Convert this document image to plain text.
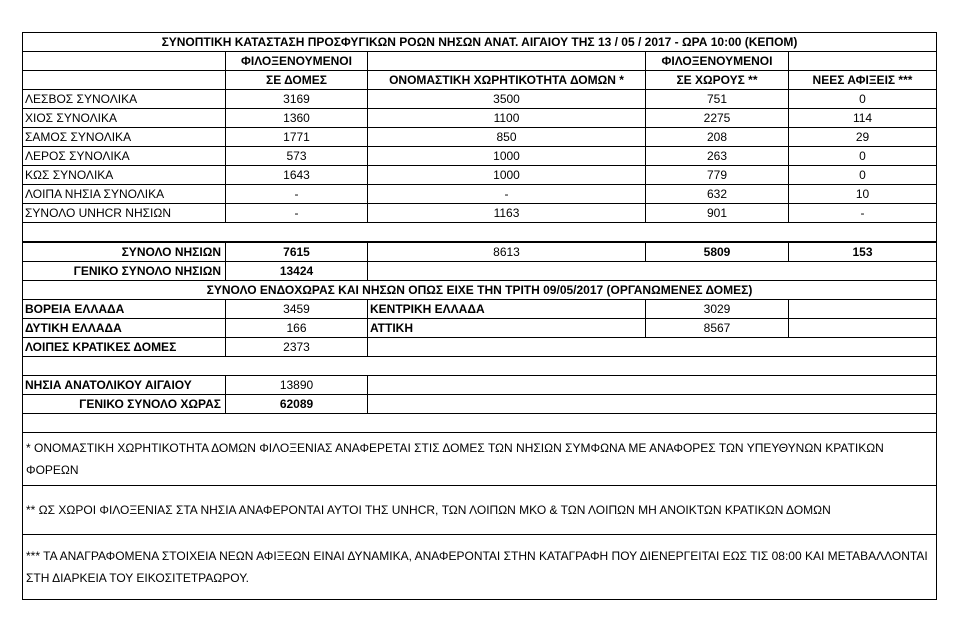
ΣΥΝΟΠΤΙΚΗ ΚΑΤΑΣΤΑΣΗ ΠΡΟΣΦΥΓΙΚΩΝ ΡΟΩΝ ΝΗΣΩΝ ΑΝΑΤ. ΑΙΓΑΙΟΥ ΤΗΣ 13 / 05 / 2017 - ΩΡΑ 10:00 (ΚΕΠΟΜ)				
	ΦΙΛΟΞΕΝΟΥΜΕΝΟΙ		ΦΙΛΟΞΕΝΟΥΜΕΝΟΙ	
	ΣΕ ΔΟΜΕΣ	ΟΝΟΜΑΣΤΙΚΗ ΧΩΡΗΤΙΚΟΤΗΤΑ ΔΟΜΩΝ *	ΣΕ ΧΩΡΟΥΣ **	ΝΕΕΣ ΑΦΙΞΕΙΣ ***
ΛΕΣΒΟΣ ΣΥΝΟΛΙΚΑ	3169	3500	751	0
ΧΙΟΣ ΣΥΝΟΛΙΚΑ	1360	1100	2275	114
ΣΑΜΟΣ ΣΥΝΟΛΙΚΑ	1771	850	208	29
ΛΕΡΟΣ ΣΥΝΟΛΙΚΑ	573	1000	263	0
ΚΩΣ ΣΥΝΟΛΙΚΑ	1643	1000	779	0
ΛΟΙΠΑ ΝΗΣΙΑ ΣΥΝΟΛΙΚΑ	-	-	632	10
ΣΥΝΟΛΟ UNHCR ΝΗΣΙΩΝ	-	1163	901	-

ΣΥΝΟΛΟ ΝΗΣΙΩΝ	7615	8613	5809	153
ΓΕΝΙΚΟ ΣΥΝΟΛΟ ΝΗΣΙΩΝ	13424			
ΣΥΝΟΛΟ ΕΝΔΟΧΩΡΑΣ ΚΑΙ ΝΗΣΩΝ ΟΠΩΣ ΕΙΧΕ ΤΗΝ ΤΡΙΤΗ 09/05/2017 (ΟΡΓΑΝΩΜΕΝΕΣ ΔΟΜΕΣ)				
ΒΟΡΕΙΑ ΕΛΛΑΔΑ	3459	ΚΕΝΤΡΙΚΗ ΕΛΛΑΔΑ	3029	
ΔΥΤΙΚΗ ΕΛΛΑΔΑ	166	ΑΤΤΙΚΗ	8567	
ΛΟΙΠΕΣ ΚΡΑΤΙΚΕΣ ΔΟΜΕΣ	2373			

ΝΗΣΙΑ ΑΝΑΤΟΛΙΚΟΥ ΑΙΓΑΙΟΥ	13890			
ΓΕΝΙΚΟ ΣΥΝΟΛΟ ΧΩΡΑΣ	62089			

* ΟΝΟΜΑΣΤΙΚΗ ΧΩΡΗΤΙΚΟΤΗΤΑ ΔΟΜΩΝ ΦΙΛΟΞΕΝΙΑΣ ΑΝΑΦΕΡΕΤΑΙ ΣΤΙΣ ΔΟΜΕΣ ΤΩΝ ΝΗΣΙΩΝ ΣΥΜΦΩΝΑ ΜΕ ΑΝΑΦΟΡΕΣ ΤΩΝ ΥΠΕΥΘΥΝΩΝ ΚΡΑΤΙΚΩΝ ΦΟΡΕΩΝ				
** ΩΣ ΧΩΡΟΙ ΦΙΛΟΞΕΝΙΑΣ ΣΤΑ ΝΗΣΙΑ ΑΝΑΦΕΡΟΝΤΑΙ ΑΥΤΟΙ ΤΗΣ UNHCR, ΤΩΝ ΛΟΙΠΩΝ ΜΚΟ & ΤΩΝ ΛΟΙΠΩΝ ΜΗ ΑΝΟΙΚΤΩΝ ΚΡΑΤΙΚΩΝ ΔΟΜΩΝ				
*** ΤΑ ΑΝΑΓΡΑΦΟΜΕΝΑ ΣΤΟΙΧΕΙΑ ΝΕΩΝ ΑΦΙΞΕΩΝ ΕΙΝΑΙ ΔΥΝΑΜΙΚΑ, ΑΝΑΦΕΡΟΝΤΑΙ ΣΤΗΝ ΚΑΤΑΓΡΑΦΗ ΠΟΥ ΔΙΕΝΕΡΓΕΙΤΑΙ ΕΩΣ ΤΙΣ 08:00 ΚΑΙ ΜΕΤΑΒΑΛΛΟΝΤΑΙ ΣΤΗ ΔΙΑΡΚΕΙΑ ΤΟΥ ΕΙΚΟΣΙΤΕΤΡΑΩΡΟΥ.				
